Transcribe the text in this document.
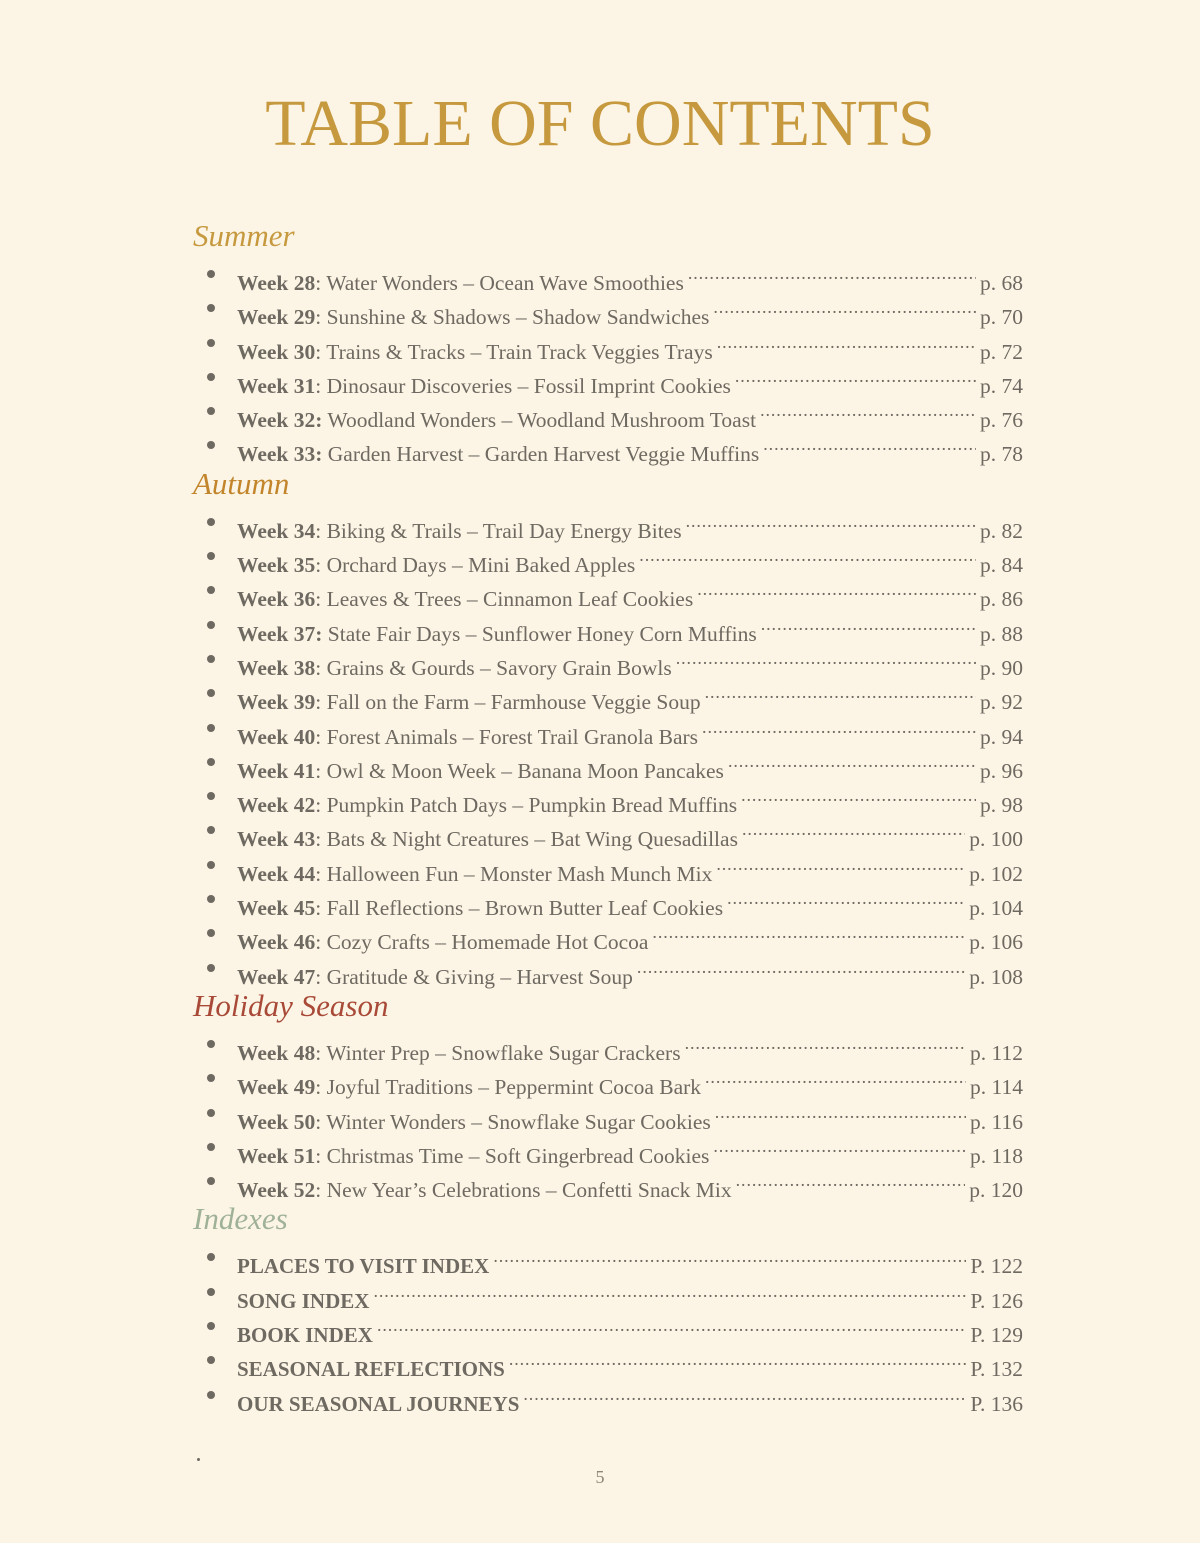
TABLE OF CONTENTS
Summer
Week 28: Water Wonders – Ocean Wave Smoothies . . .	p. 68
Week 29: Sunshine & Shadows – Shadow Sandwiches . . .	p. 70
Week 30: Trains & Tracks – Train Track Veggies Trays . . .	p. 72
Week 31: Dinosaur Discoveries – Fossil Imprint Cookies . . .	p. 74
Week 32: Woodland Wonders – Woodland Mushroom Toast . . .	p. 76
Week 33: Garden Harvest – Garden Harvest Veggie Muffins . . .	p. 78
Autumn
Week 34: Biking & Trails – Trail Day Energy Bites . . .	p. 82
Week 35: Orchard Days – Mini Baked Apples . . .	p. 84
Week 36: Leaves & Trees – Cinnamon Leaf Cookies . . .	p. 86
Week 37: State Fair Days – Sunflower Honey Corn Muffins . . .	p. 88
Week 38: Grains & Gourds – Savory Grain Bowls . . .	p. 90
Week 39: Fall on the Farm – Farmhouse Veggie Soup . . .	p. 92
Week 40: Forest Animals – Forest Trail Granola Bars . . .	p. 94
Week 41: Owl & Moon Week – Banana Moon Pancakes . . .	p. 96
Week 42: Pumpkin Patch Days – Pumpkin Bread Muffins . . .	p. 98
Week 43: Bats & Night Creatures – Bat Wing Quesadillas . . .	p. 100
Week 44: Halloween Fun – Monster Mash Munch Mix . . .	p. 102
Week 45: Fall Reflections – Brown Butter Leaf Cookies . . .	p. 104
Week 46: Cozy Crafts – Homemade Hot Cocoa . . .	p. 106
Week 47: Gratitude & Giving – Harvest Soup . . .	p. 108
Holiday Season
Week 48: Winter Prep – Snowflake Sugar Crackers . . .	p. 112
Week 49: Joyful Traditions – Peppermint Cocoa Bark . . .	p. 114
Week 50: Winter Wonders – Snowflake Sugar Cookies . . .	p. 116
Week 51: Christmas Time – Soft Gingerbread Cookies . . .	p. 118
Week 52: New Year’s Celebrations – Confetti Snack Mix . . .	p. 120
Indexes
PLACES TO VISIT INDEX . . .	P. 122
SONG INDEX . . .	P. 126
BOOK INDEX . . .	P. 129
SEASONAL REFLECTIONS . . .	P. 132
OUR SEASONAL JOURNEYS . . .	P. 136
5
